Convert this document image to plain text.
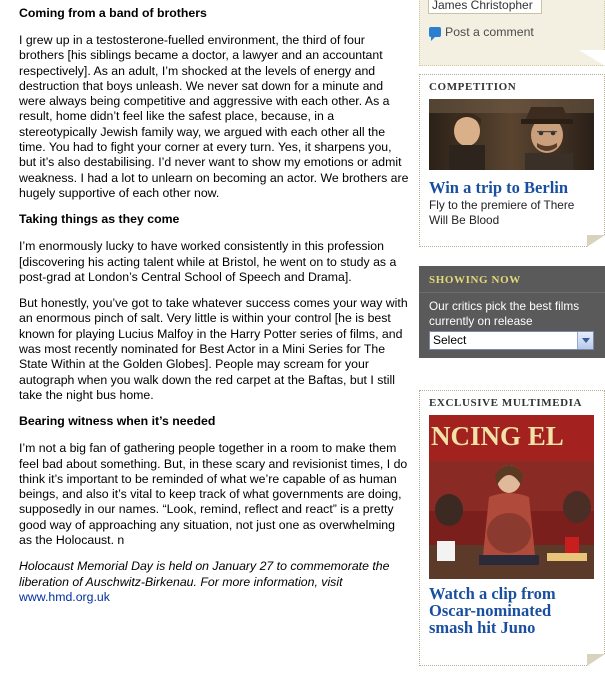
Coming from a band of brothers

I grew up in a testosterone-fuelled environment, the third of four brothers [his siblings became a doctor, a lawyer and an accountant respectively]. As an adult, I’m shocked at the levels of energy and destruction that boys unleash. We never sat down for a minute and were always being competitive and aggressive with each other. As a result, home didn’t feel like the safest place, because, in a stereotypically Jewish family way, we argued with each other all the time. You had to fight your corner at every turn. Yes, it sharpens you, but it’s also destabilising. I’d never want to show my emotions or admit weakness. I had a lot to unlearn on becoming an actor. We brothers are hugely supportive of each other now.

Taking things as they come

I’m enormously lucky to have worked consistently in this profession [discovering his acting talent while at Bristol, he went on to study as a post-grad at London’s Central School of Speech and Drama].

But honestly, you’ve got to take whatever success comes your way with an enormous pinch of salt. Very little is within your control [he is best known for playing Lucius Malfoy in the Harry Potter series of films, and was most recently nominated for Best Actor in a Mini Series for The State Within at the Golden Globes]. People may scream for your autograph when you walk down the red carpet at the Baftas, but I still take the night bus home.

Bearing witness when it’s needed

I’m not a big fan of gathering people together in a room to make them feel bad about something. But, in these scary and revisionist times, I do think it’s important to be reminded of what we’re capable of as human beings, and also it’s vital to keep track of what governments are doing, supposedly in our names. “Look, remind, reflect and react” is a pretty good way of approaching any situation, not just one as overwhelming as the Holocaust. n

Holocaust Memorial Day is held on January 27 to commemorate the liberation of Auschwitz-Birkenau. For more information, visit www.hmd.org.uk

James Christopher
Post a comment
COMPETITION
Win a trip to Berlin
Fly to the premiere of There Will Be Blood
SHOWING NOW
Our critics pick the best films currently on release
Select
EXCLUSIVE MULTIMEDIA
NCING EL
Watch a clip from Oscar-nominated smash hit Juno
